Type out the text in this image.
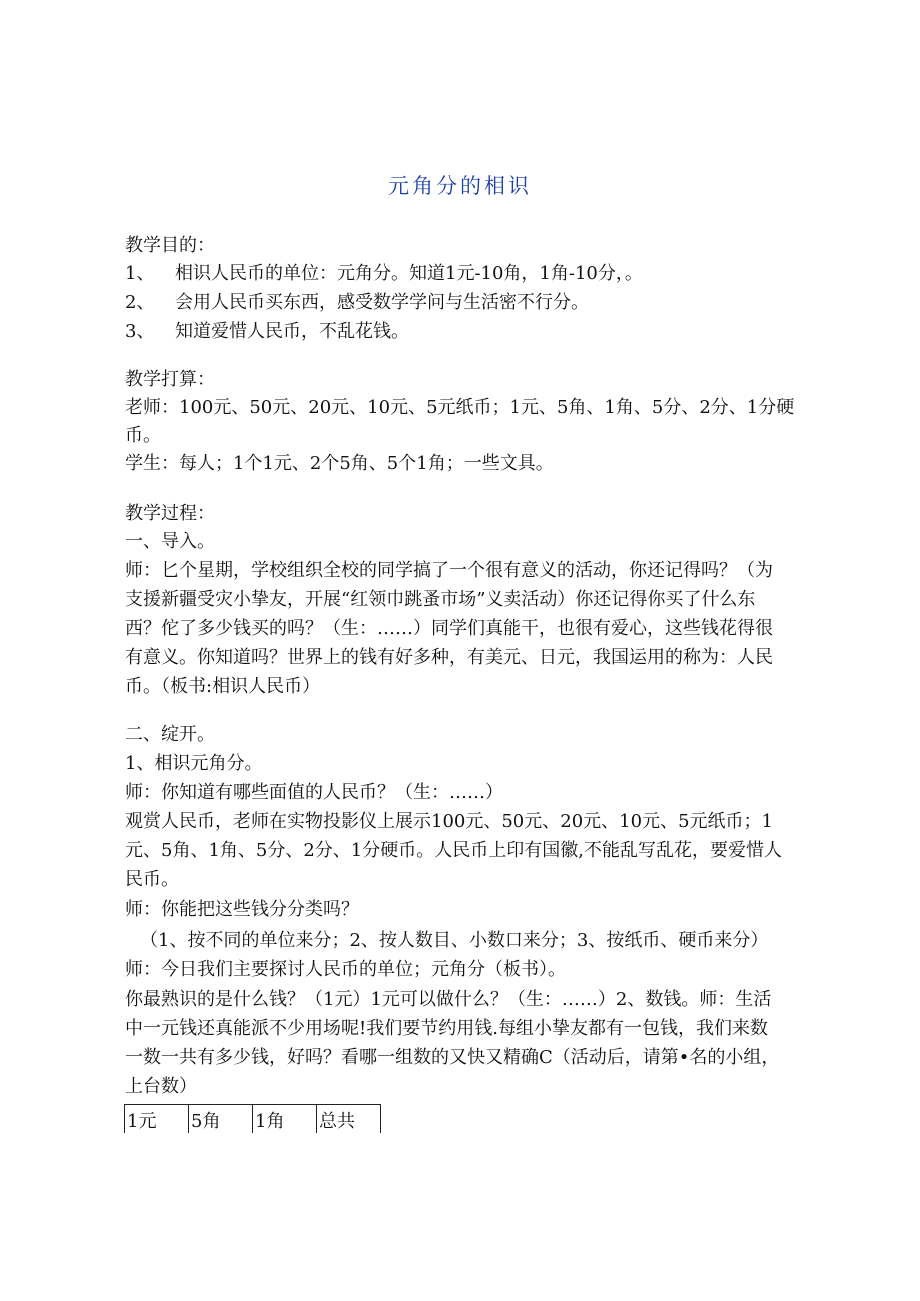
元角分的相识
教学目的：
1、 相识人民币的单位：元角分。知道1元-10角，1角-10分，。
2、 会用人民币买东西，感受数学学问与生活密不行分。
3、 知道爱惜人民币，不乱花钱。
教学打算：
老师：100元、50元、20元、10元、5元纸币；1元、5角、1角、5分、2分、1分硬
币。
学生：每人；1个1元、2个5角、5个1角；一些文具。
教学过程：
一、导入。
师：匕个星期，学校组织全校的同学搞了一个很有意义的活动，你还记得吗？（为
支援新疆受灾小挚友，开展“红领巾跳蚤市场”义卖活动）你还记得你买了什么东
西？佗了多少钱买的吗？（生：……）同学们真能干，也很有爱心，这些钱花得很
有意义。你知道吗？世界上的钱有好多种，有美元、日元，我国运用的称为：人民
币。（板书:相识人民币）
二、绽开。
1、相识元角分。
师：你知道有哪些面值的人民币？（生：……）
观赏人民币，老师在实物投影仪上展示100元、50元、20元、10元、5元纸币；1
元、5角、1角、5分、2分、1分硬币。人民币上印有国徽,不能乱写乱花，要爱惜人
民币。
师：你能把这些钱分分类吗？
（1、按不同的单位来分；2、按人数目、小数口来分；3、按纸币、硬币来分）
师：今日我们主要探讨人民币的单位；元角分（板书）。
你最熟识的是什么钱？（1元）1元可以做什么？（生：……）2、数钱。师：生活
中一元钱还真能派不少用场呢!我们要节约用钱.每组小挚友都有一包钱，我们来数
一数一共有多少钱，好吗？看哪一组数的又快又精确C（活动后，请第•名的小组，
上台数）
1元	5角	1角	总共
